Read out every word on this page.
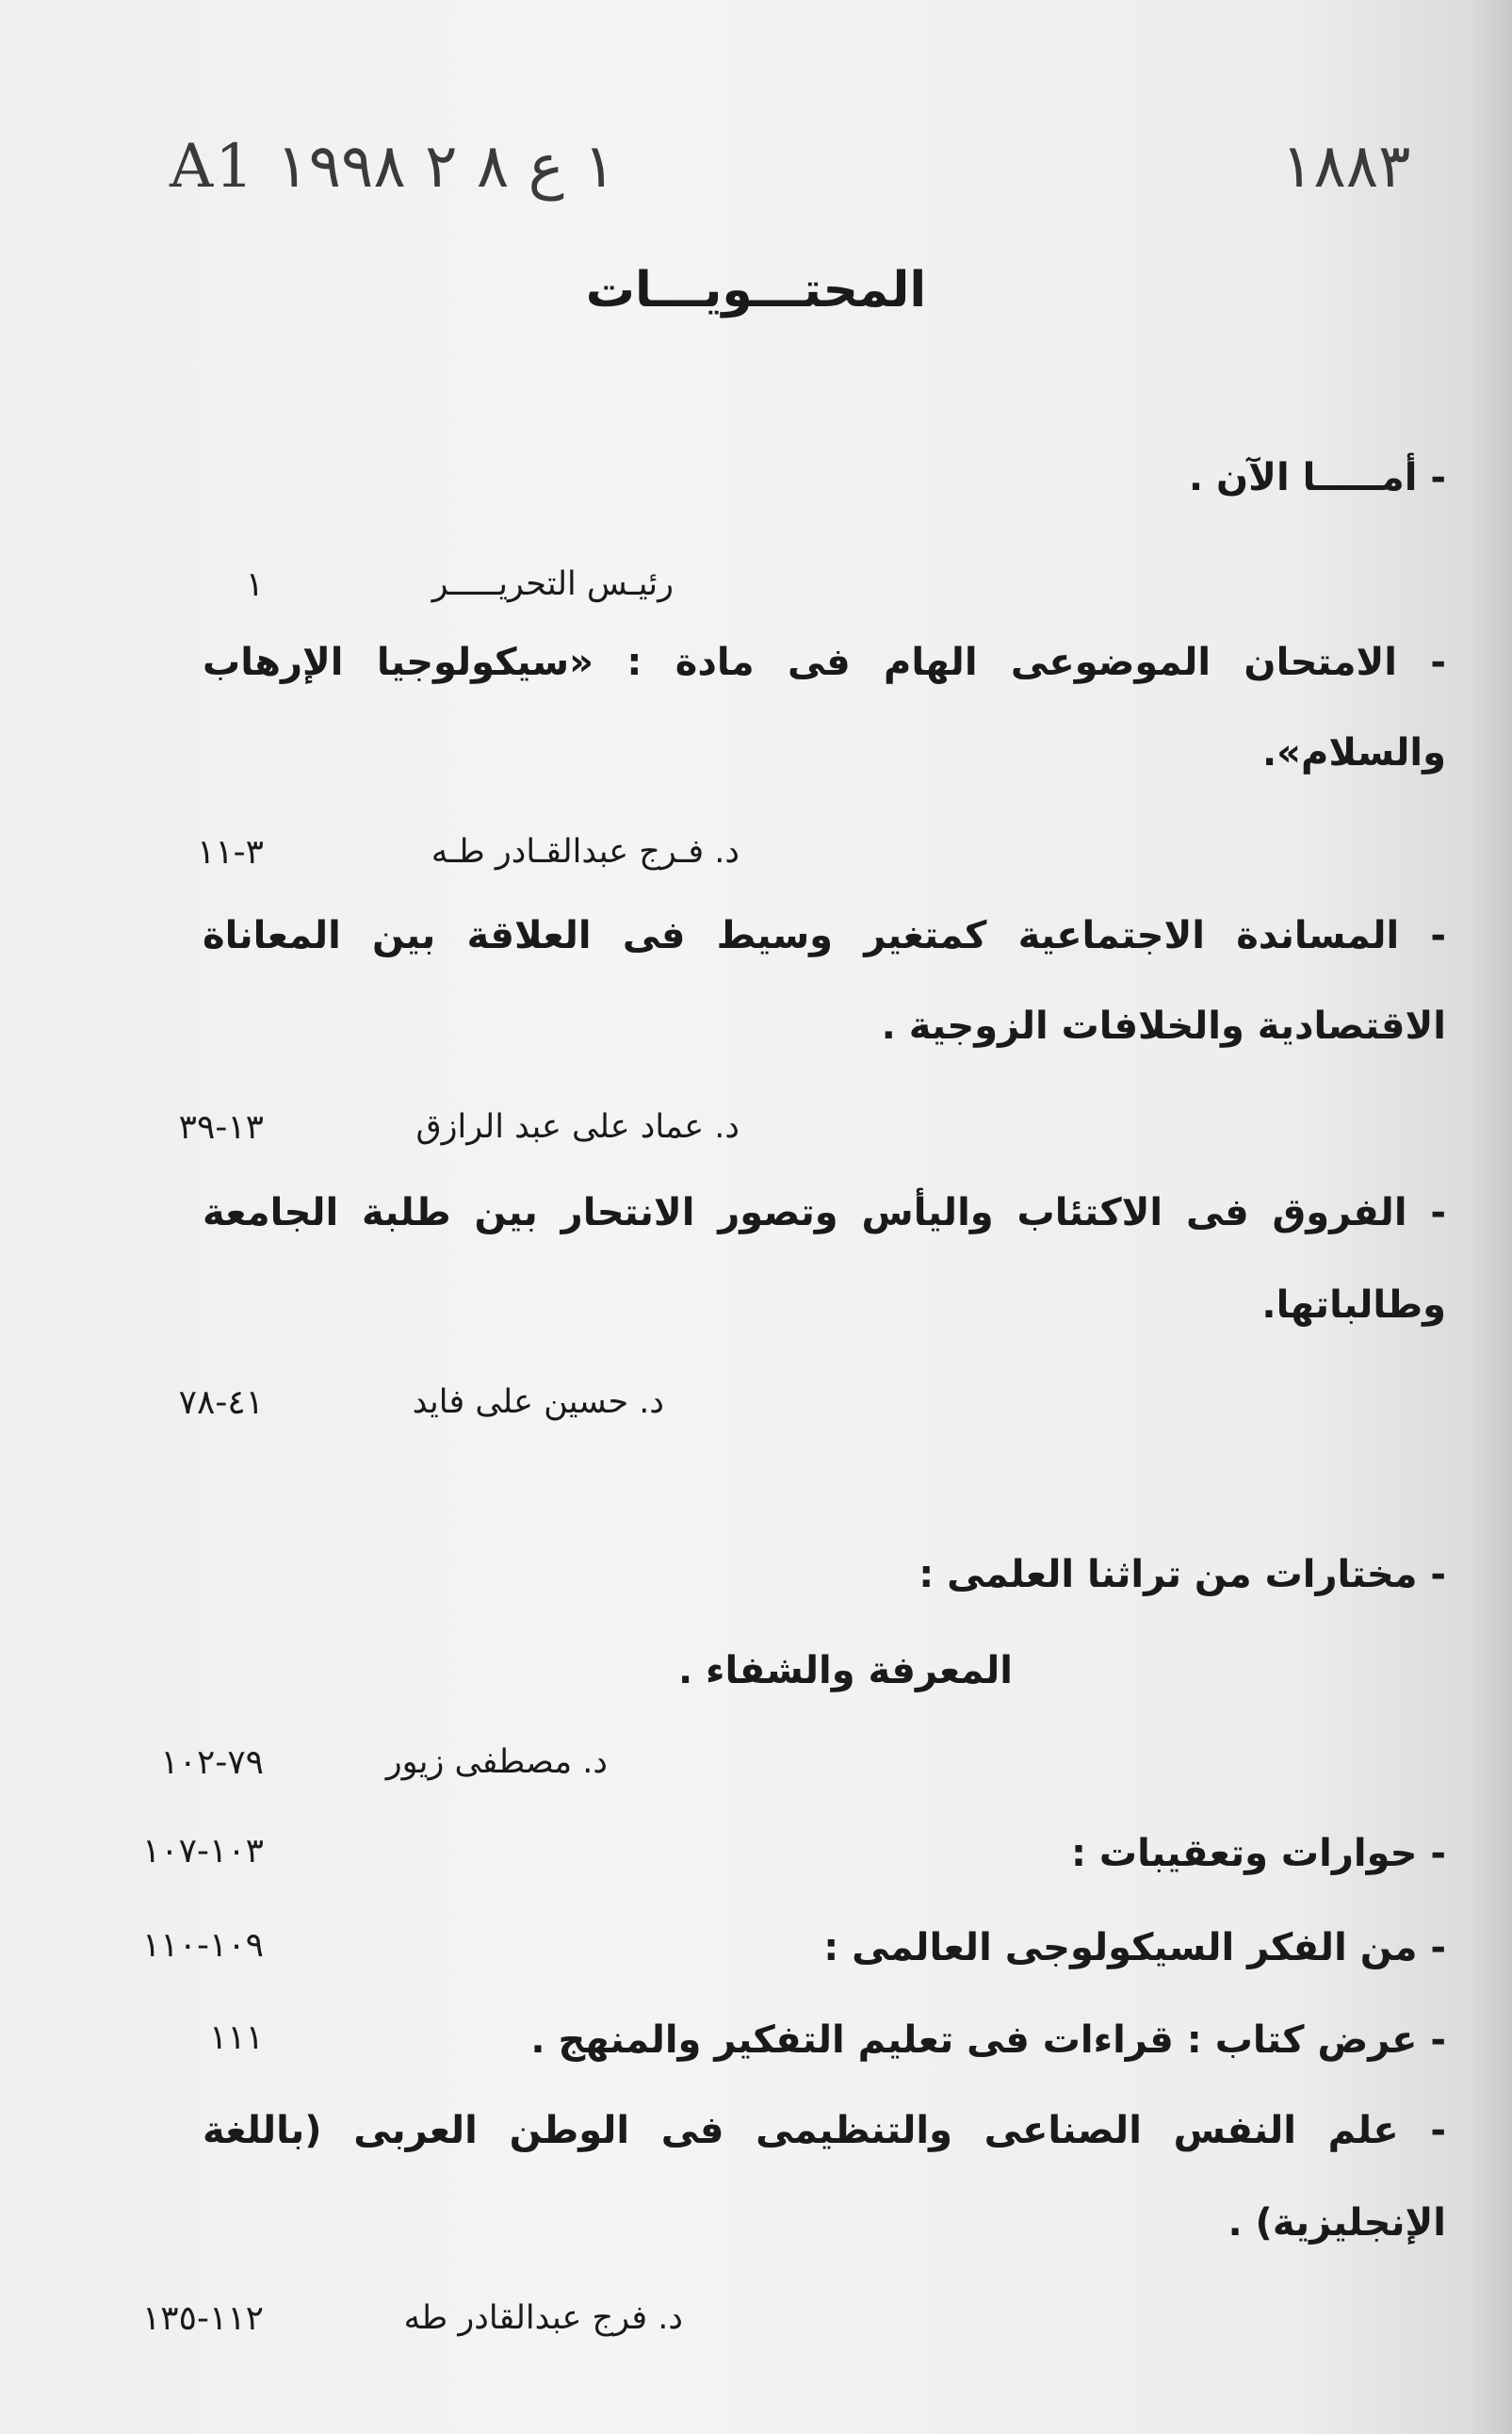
A1 ١ ع ٨ ٢ ١٩٩٨	١٨٨٣
المحتـــويـــات
- أمـــــا الآن .
رئيـس التحريـــــر
١
- الامتحان الموضوعى الهام فى مادة : «سيكولوجيا الإرهاب
والسلام».
د. فـرج عبدالقـادر طـه
٣-١١
- المساندة الاجتماعية كمتغير وسيط فى العلاقة بين المعاناة
الاقتصادية والخلافات الزوجية .
د. عماد على عبد الرازق
١٣-٣٩
- الفروق فى الاكتئاب واليأس وتصور الانتحار بين طلبة الجامعة
وطالباتها.
د. حسين على فايد
٤١-٧٨
- مختارات من تراثنا العلمى :
المعرفة والشفاء .
د. مصطفى زيور
٧٩-١٠٢
- حوارات وتعقيبات :
١٠٣-١٠٧
- من الفكر السيكولوجى العالمى :
١٠٩-١١٠
- عرض كتاب : قراءات فى تعليم التفكير والمنهج .
١١١
- علم النفس الصناعى والتنظيمى فى الوطن العربى (باللغة
الإنجليزية) .
د. فرج عبدالقادر طه
١١٢-١٣٥
